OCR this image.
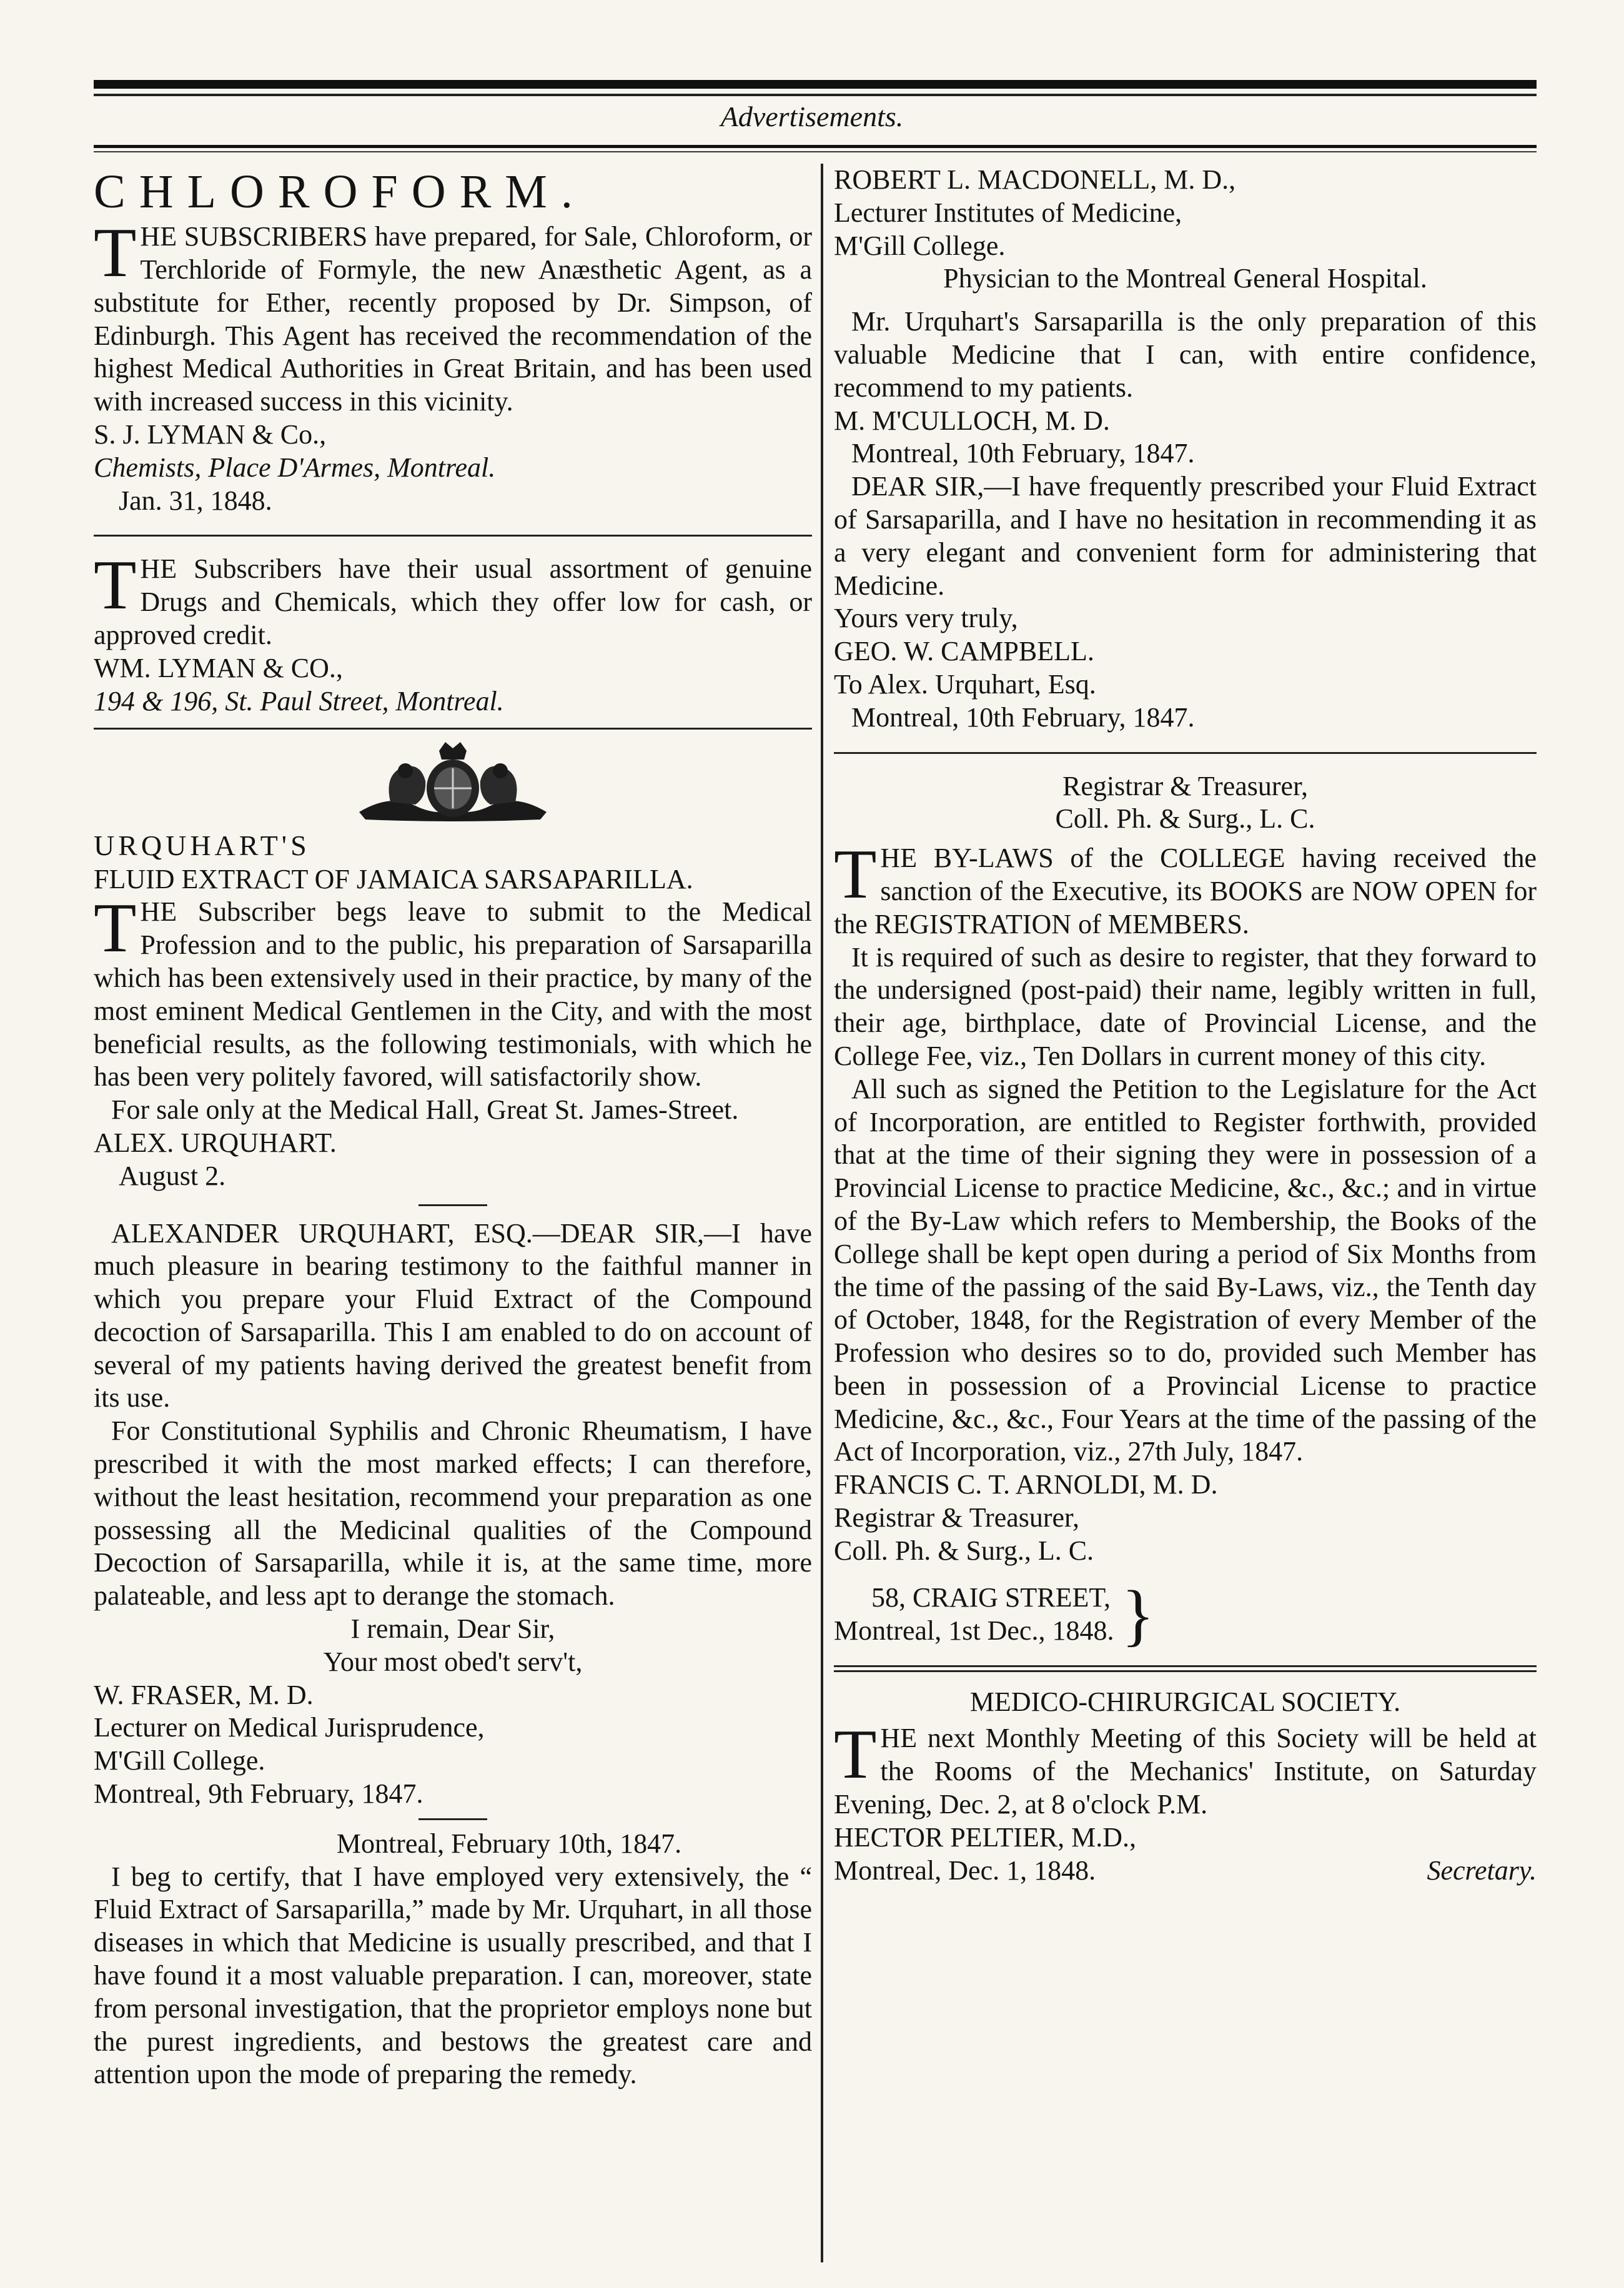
Advertisements.

CHLOROFORM.

THE SUBSCRIBERS have prepared, for Sale, Chloroform, or Terchloride of Formyle, the new Anæsthetic Agent, as a substitute for Ether, recently proposed by Dr. Simpson, of Edinburgh. This Agent has received the recommendation of the highest Medical Authorities in Great Britain, and has been used with increased success in this vicinity.

S. J. LYMAN & Co.,

Chemists, Place D'Armes, Montreal.

Jan. 31, 1848.

THE Subscribers have their usual assortment of genuine Drugs and Chemicals, which they offer low for cash, or approved credit.

WM. LYMAN & CO.,

194 & 196, St. Paul Street, Montreal.

URQUHART'S

FLUID EXTRACT OF JAMAICA SARSAPARILLA.

THE Subscriber begs leave to submit to the Medical Profession and to the public, his preparation of Sarsaparilla which has been extensively used in their practice, by many of the most eminent Medical Gentlemen in the City, and with the most beneficial results, as the following testimonials, with which he has been very politely favored, will satisfactorily show.

For sale only at the Medical Hall, Great St. James-Street.

ALEX. URQUHART.

August 2.

ALEXANDER URQUHART, ESQ.—DEAR SIR,—I have much pleasure in bearing testimony to the faithful manner in which you prepare your Fluid Extract of the Compound decoction of Sarsaparilla. This I am enabled to do on account of several of my patients having derived the greatest benefit from its use.

For Constitutional Syphilis and Chronic Rheumatism, I have prescribed it with the most marked effects; I can therefore, without the least hesitation, recommend your preparation as one possessing all the Medicinal qualities of the Compound Decoction of Sarsaparilla, while it is, at the same time, more palateable, and less apt to derange the stomach.

I remain, Dear Sir,

Your most obed't serv't,

W. FRASER, M. D.

Lecturer on Medical Jurisprudence,

M'Gill College.

Montreal, 9th February, 1847.

Montreal, February 10th, 1847.

I beg to certify, that I have employed very extensively, the “ Fluid Extract of Sarsaparilla,” made by Mr. Urquhart, in all those diseases in which that Medicine is usually prescribed, and that I have found it a most valuable preparation. I can, moreover, state from personal investigation, that the proprietor employs none but the purest ingredients, and bestows the greatest care and attention upon the mode of preparing the remedy.

ROBERT L. MACDONELL, M. D.,

Lecturer Institutes of Medicine,

M'Gill College.

Physician to the Montreal General Hospital.

Mr. Urquhart's Sarsaparilla is the only preparation of this valuable Medicine that I can, with entire confidence, recommend to my patients.

M. M'CULLOCH, M. D.

Montreal, 10th February, 1847.

DEAR SIR,—I have frequently prescribed your Fluid Extract of Sarsaparilla, and I have no hesitation in recommending it as a very elegant and convenient form for administering that Medicine.

Yours very truly,

GEO. W. CAMPBELL.

To Alex. Urquhart, Esq.

Montreal, 10th February, 1847.

Registrar & Treasurer,

Coll. Ph. & Surg., L. C.

THE BY-LAWS of the COLLEGE having received the sanction of the Executive, its BOOKS are NOW OPEN for the REGISTRATION of MEMBERS.

It is required of such as desire to register, that they forward to the undersigned (post-paid) their name, legibly written in full, their age, birthplace, date of Provincial License, and the College Fee, viz., Ten Dollars in current money of this city.

All such as signed the Petition to the Legislature for the Act of Incorporation, are entitled to Register forthwith, provided that at the time of their signing they were in possession of a Provincial License to practice Medicine, &c., &c.; and in virtue of the By-Law which refers to Membership, the Books of the College shall be kept open during a period of Six Months from the time of the passing of the said By-Laws, viz., the Tenth day of October, 1848, for the Registration of every Member of the Profession who desires so to do, provided such Member has been in possession of a Provincial License to practice Medicine, &c., &c., Four Years at the time of the passing of the Act of Incorporation, viz., 27th July, 1847.

FRANCIS C. T. ARNOLDI, M. D.

Registrar & Treasurer,

Coll. Ph. & Surg., L. C.

58, CRAIG STREET,

Montreal, 1st Dec., 1848. }

MEDICO-CHIRURGICAL SOCIETY.

THE next Monthly Meeting of this Society will be held at the Rooms of the Mechanics' Institute, on Saturday Evening, Dec. 2, at 8 o'clock P.M.

HECTOR PELTIER, M.D.,

Montreal, Dec. 1, 1848.	Secretary.
